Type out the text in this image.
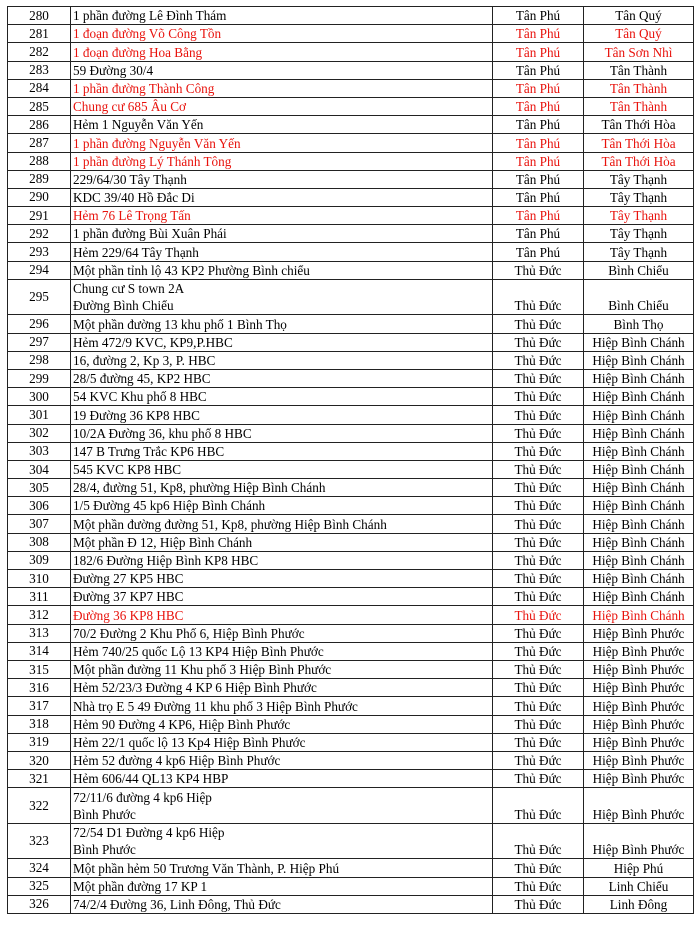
280	1 phần đường Lê Đình Thám	Tân Phú	Tân Quý
281	1 đoạn đường Võ Công Tồn	Tân Phú	Tân Quý
282	1 đoạn đường Hoa Bằng	Tân Phú	Tân Sơn Nhì
283	59 Đường 30/4	Tân Phú	Tân Thành
284	1 phần đường Thành Công	Tân Phú	Tân Thành
285	Chung cư 685 Âu Cơ	Tân Phú	Tân Thành
286	Hẻm 1 Nguyễn Văn Yến	Tân Phú	Tân Thới Hòa
287	1 phần đường Nguyễn Văn Yến	Tân Phú	Tân Thới Hòa
288	1 phần đường Lý Thánh Tông	Tân Phú	Tân Thới Hòa
289	229/64/30 Tây Thạnh	Tân Phú	Tây Thạnh
290	KDC 39/40 Hồ Đắc Di	Tân Phú	Tây Thạnh
291	Hẻm 76 Lê Trọng Tấn	Tân Phú	Tây Thạnh
292	1 phần đường Bùi Xuân Phái	Tân Phú	Tây Thạnh
293	Hẻm 229/64 Tây Thạnh	Tân Phú	Tây Thạnh
294	Một phần tỉnh lộ 43 KP2 Phường Bình chiểu	Thủ Đức	Bình Chiểu
295	Chung cư S town 2A
Đường Bình Chiểu	Thủ Đức	Bình Chiểu
296	Một phần đường 13 khu phố 1 Bình Thọ	Thủ Đức	Bình Thọ
297	Hẻm 472/9 KVC, KP9,P.HBC	Thủ Đức	Hiệp Bình Chánh
298	16, đường 2, Kp 3, P. HBC	Thủ Đức	Hiệp Bình Chánh
299	28/5 đường 45, KP2 HBC	Thủ Đức	Hiệp Bình Chánh
300	54 KVC Khu phố 8 HBC	Thủ Đức	Hiệp Bình Chánh
301	19 Đường 36 KP8 HBC	Thủ Đức	Hiệp Bình Chánh
302	10/2A Đường 36, khu phố 8 HBC	Thủ Đức	Hiệp Bình Chánh
303	147 B Trưng Trắc KP6 HBC	Thủ Đức	Hiệp Bình Chánh
304	545 KVC KP8 HBC	Thủ Đức	Hiệp Bình Chánh
305	28/4, đường 51, Kp8, phường Hiệp Bình Chánh	Thủ Đức	Hiệp Bình Chánh
306	1/5 Đường 45 kp6 Hiệp Bình Chánh	Thủ Đức	Hiệp Bình Chánh
307	Một phần đường đường 51, Kp8, phường Hiệp Bình Chánh	Thủ Đức	Hiệp Bình Chánh
308	Một phần Đ 12, Hiệp Bình Chánh	Thủ Đức	Hiệp Bình Chánh
309	182/6 Đường Hiệp Bình KP8 HBC	Thủ Đức	Hiệp Bình Chánh
310	Đường 27 KP5 HBC	Thủ Đức	Hiệp Bình Chánh
311	Đường 37 KP7 HBC	Thủ Đức	Hiệp Bình Chánh
312	Đường 36 KP8 HBC	Thủ Đức	Hiệp Bình Chánh
313	70/2 Đường 2 Khu Phố 6, Hiệp Bình Phước	Thủ Đức	Hiệp Bình Phước
314	Hẻm 740/25 quốc Lộ 13 KP4 Hiệp Bình Phước	Thủ Đức	Hiệp Bình Phước
315	Một phần đường 11 Khu phố 3 Hiệp Bình Phước	Thủ Đức	Hiệp Bình Phước
316	Hẻm 52/23/3 Đường 4 KP 6 Hiệp Bình Phước	Thủ Đức	Hiệp Bình Phước
317	Nhà trọ E 5 49 Đường 11 khu phố 3 Hiệp Bình Phước	Thủ Đức	Hiệp Bình Phước
318	Hẻm 90 Đường 4 KP6, Hiệp Bình Phước	Thủ Đức	Hiệp Bình Phước
319	Hẻm 22/1 quốc lộ 13 Kp4 Hiệp Bình Phước	Thủ Đức	Hiệp Bình Phước
320	Hẻm 52 đường 4 kp6 Hiệp Bình Phước	Thủ Đức	Hiệp Bình Phước
321	Hẻm 606/44 QL13 KP4 HBP	Thủ Đức	Hiệp Bình Phước
322	72/11/6 đường 4 kp6 Hiệp
Bình Phước	Thủ Đức	Hiệp Bình Phước
323	72/54 D1 Đường 4 kp6 Hiệp
Bình Phước	Thủ Đức	Hiệp Bình Phước
324	Một phần hẻm 50 Trương Văn Thành, P. Hiệp Phú	Thủ Đức	Hiệp Phú
325	Một phần đường 17 KP 1	Thủ Đức	Linh Chiểu
326	74/2/4 Đường 36, Linh Đông, Thủ Đức	Thủ Đức	Linh Đông
